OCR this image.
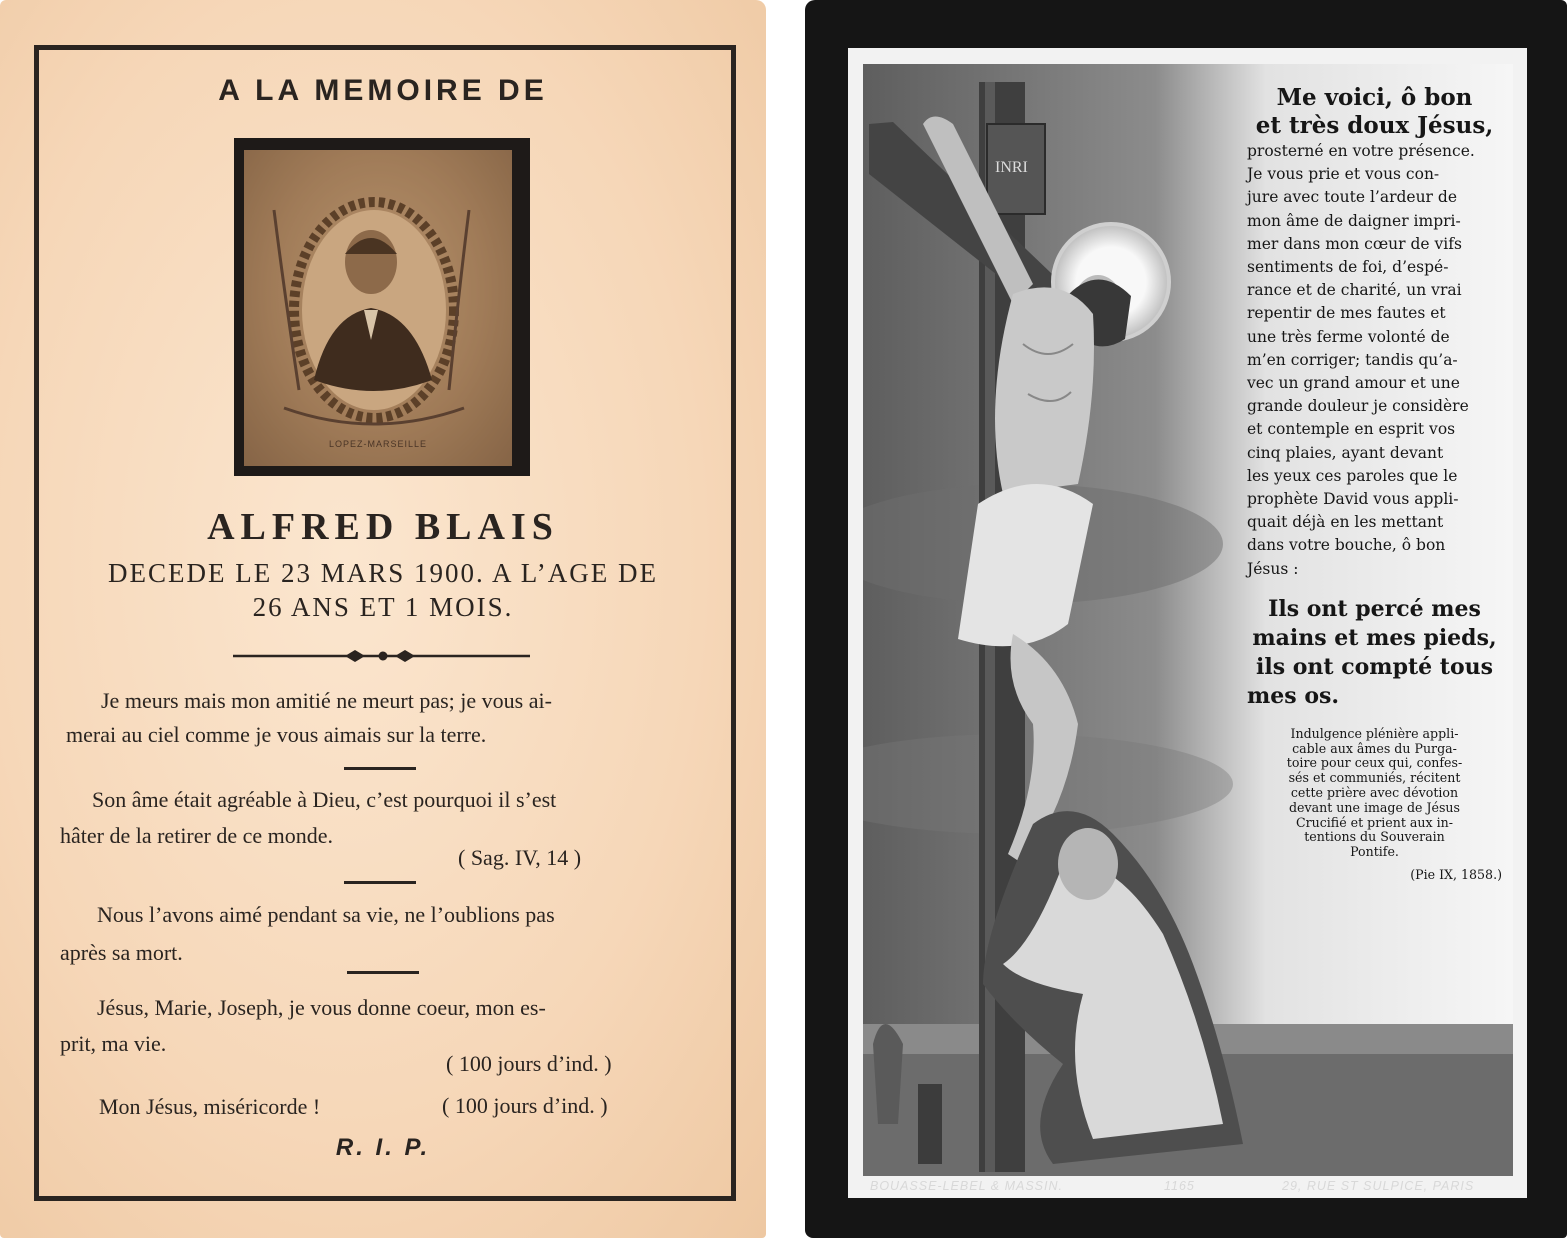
A LA MEMOIRE DE
LOPEZ-MARSEILLE
ALFRED BLAIS
DECEDE LE 23 MARS 1900. A L’AGE DE
26 ANS ET 1 MOIS.
Je meurs mais mon amitié ne meurt pas; je vous ai-
merai au ciel comme je vous aimais sur la terre.
Son âme était agréable à Dieu, c’est pourquoi il s’est
hâter de la retirer de ce monde.
( Sag. IV, 14 )
Nous l’avons aimé pendant sa vie, ne l’oublions pas
après sa mort.
Jésus, Marie, Joseph, je vous donne coeur, mon es-
prit, ma vie.
( 100 jours d’ind. )
Mon Jésus, miséricorde !	( 100 jours d’ind. )
R. I. P.
INRI
Me voici, ô bon
et très doux Jésus,
prosterné en votre présence.
Je vous prie et vous con-
jure avec toute l’ardeur de
mon âme de daigner impri-
mer dans mon cœur de vifs
sentiments de foi, d’espé-
rance et de charité, un vrai
repentir de mes fautes et
une très ferme volonté de
m’en corriger; tandis qu’a-
vec un grand amour et une
grande douleur je considère
et contemple en esprit vos
cinq plaies, ayant devant
les yeux ces paroles que le
prophète David vous appli-
quait déjà en les mettant
dans votre bouche, ô bon
Jésus :
Ils ont percé mes
mains et mes pieds,
ils ont compté tous
mes os.
Indulgence plénière appli-
cable aux âmes du Purga-
toire pour ceux qui, confes-
sés et communiés, récitent
cette prière avec dévotion
devant une image de Jésus
Crucifié et prient aux in-
tentions du Souverain
Pontife.
(Pie IX, 1858.)
BOUASSE-LEBEL & MASSIN.	1165	29, RUE ST SULPICE, PARIS
